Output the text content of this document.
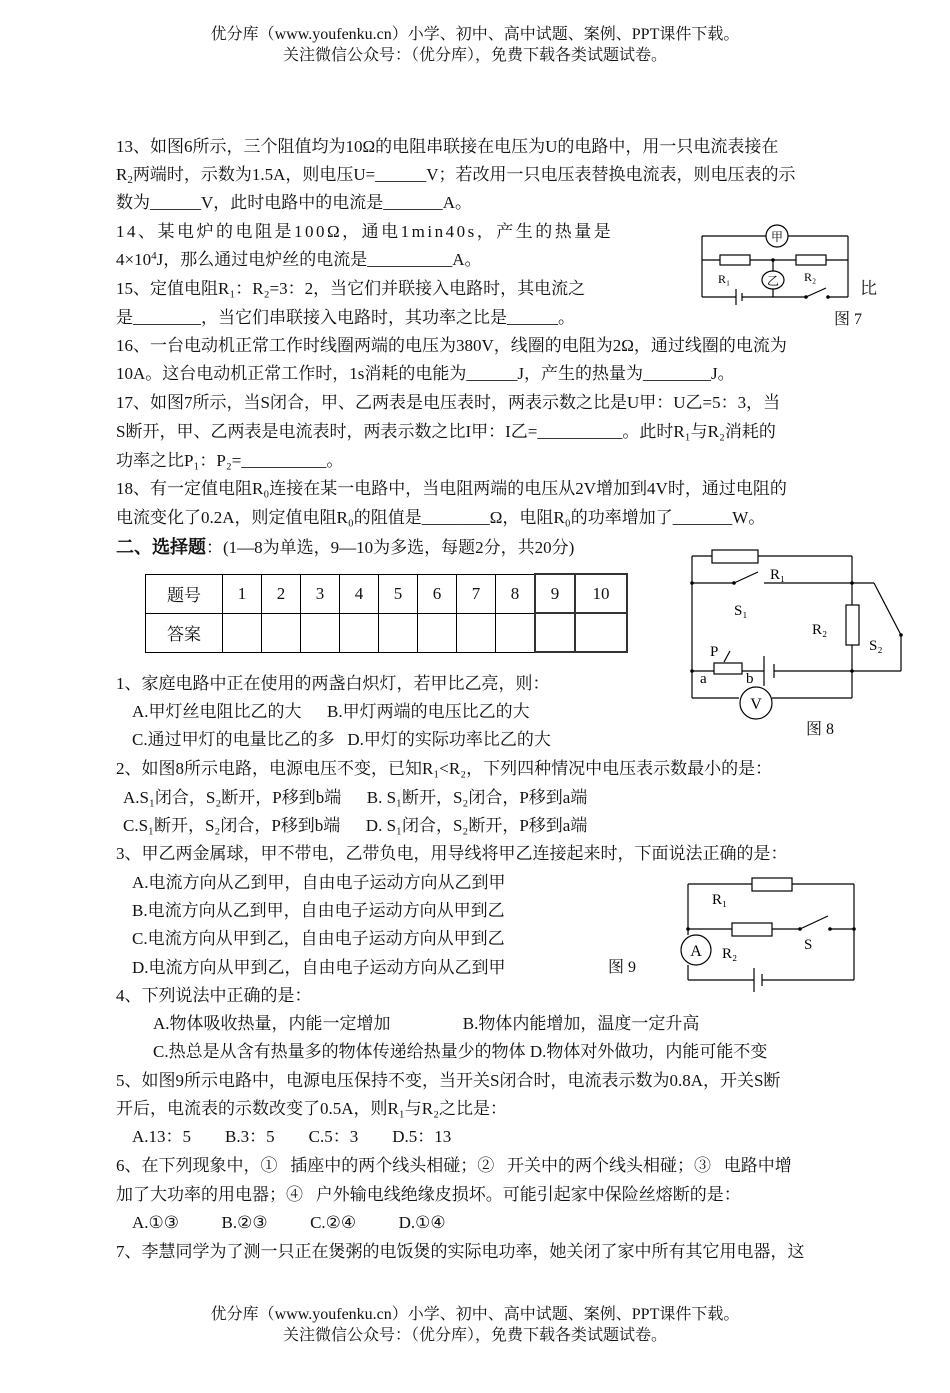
优分库（www.youfenku.cn）小学、初中、高中试题、案例、PPT课件下载。
关注微信公众号：（优分库），免费下载各类试题试卷。
13、如图6所示，三个阻值均为10Ω的电阻串联接在电压为U的电路中，用一只电流表接在
$R_2$两端时，示数为1.5A，则电压U=______V；若改用一只电压表替换电流表，则电压表的示
数为______V，此时电路中的电流是_______A。
14、某电炉的电阻是100Ω，通电1min40s，产生的热量是
$4\times 10^4J$，那么通过电炉丝的电流是__________A。
15、定值电阻R₁：R₂=3：2，当它们并联接入电路时，其电流之	比
是________，当它们串联接入电路时，其功率之比是______。
甲
乙
R₁	R₂
图 7
16、一台电动机正常工作时线圈两端的电压为380V，线圈的电阻为2Ω，通过线圈的电流为
10A。这台电动机正常工作时，1s消耗的电能为______J，产生的热量为________J。
17、如图7所示，当S闭合，甲、乙两表是电压表时，两表示数之比是U甲：U乙=5：3，当
S断开，甲、乙两表是电流表时，两表示数之比I甲：I乙=__________。此时R₁与R₂消耗的
功率之比P₁：P₂=__________。
18、有一定值电阻R₀连接在某一电路中，当电阻两端的电压从2V增加到4V时，通过电阻的
电流变化了0.2A，则定值电阻R₀的阻值是________Ω，电阻R₀的功率增加了_______W。
二、选择题：(1—8为单选，9—10为多选，每题2分，共20分)
题号	1	2	3	4	5	6	7	8	9	10
答案										
R₁
S₁
R₂
S₂
P
a	b
V
图 8
1、家庭电路中正在使用的两盏白炽灯，若甲比乙亮，则：
A.甲灯丝电阻比乙的大      B.甲灯两端的电压比乙的大
C.通过甲灯的电量比乙的多   D.甲灯的实际功率比乙的大
2、如图8所示电路，电源电压不变，已知R₁<R₂，下列四种情况中电压表示数最小的是：
A.S₁闭合，S₂断开，P移到b端      B. S₁断开，S₂闭合，P移到a端
C.S₁断开，S₂闭合，P移到b端      D. S₁闭合，S₂断开，P移到a端
3、甲乙两金属球，甲不带电，乙带负电，用导线将甲乙连接起来时，下面说法正确的是：
A.电流方向从乙到甲，自由电子运动方向从乙到甲
B.电流方向从乙到甲，自由电子运动方向从甲到乙
C.电流方向从甲到乙，自由电子运动方向从甲到乙
D.电流方向从甲到乙，自由电子运动方向从乙到甲
R₁
R₂
S
A
图 9
4、下列说法中正确的是：
A.物体吸收热量，内能一定增加                 B.物体内能增加，温度一定升高
C.热总是从含有热量多的物体传递给热量少的物体 D.物体对外做功，内能可能不变
5、如图9所示电路中，电源电压保持不变，当开关S闭合时，电流表示数为0.8A，开关S断
开后，电流表的示数改变了0.5A，则R₁与R₂之比是：
A.13：5        B.3：5        C.5：3        D.5：13
6、在下列现象中，①   插座中的两个线头相碰；②   开关中的两个线头相碰；③   电路中增
加了大功率的用电器；④   户外输电线绝缘皮损坏。可能引起家中保险丝熔断的是：
A.①③          B.②③          C.②④          D.①④
7、李慧同学为了测一只正在煲粥的电饭煲的实际电功率，她关闭了家中所有其它用电器，这
优分库（www.youfenku.cn）小学、初中、高中试题、案例、PPT课件下载。
关注微信公众号：（优分库），免费下载各类试题试卷。
